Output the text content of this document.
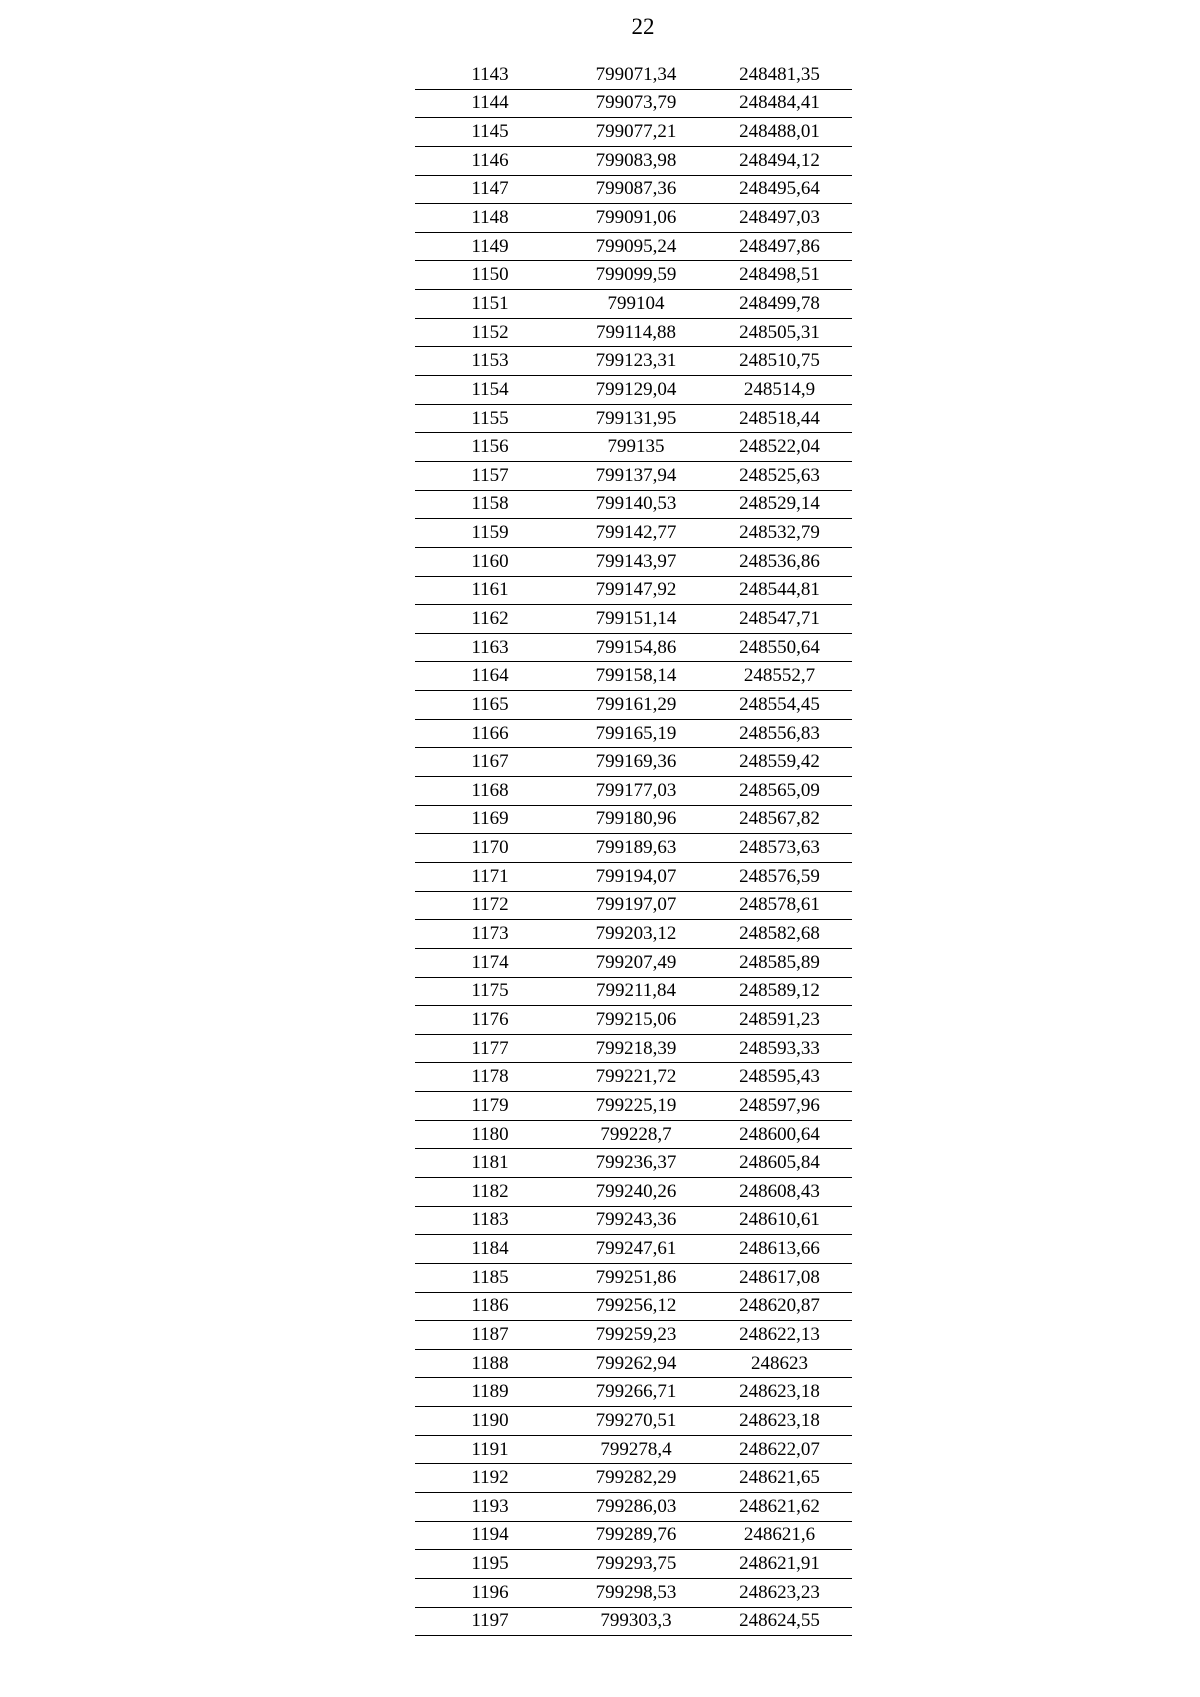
22
1143	799071,34	248481,35
1144	799073,79	248484,41
1145	799077,21	248488,01
1146	799083,98	248494,12
1147	799087,36	248495,64
1148	799091,06	248497,03
1149	799095,24	248497,86
1150	799099,59	248498,51
1151	799104	248499,78
1152	799114,88	248505,31
1153	799123,31	248510,75
1154	799129,04	248514,9
1155	799131,95	248518,44
1156	799135	248522,04
1157	799137,94	248525,63
1158	799140,53	248529,14
1159	799142,77	248532,79
1160	799143,97	248536,86
1161	799147,92	248544,81
1162	799151,14	248547,71
1163	799154,86	248550,64
1164	799158,14	248552,7
1165	799161,29	248554,45
1166	799165,19	248556,83
1167	799169,36	248559,42
1168	799177,03	248565,09
1169	799180,96	248567,82
1170	799189,63	248573,63
1171	799194,07	248576,59
1172	799197,07	248578,61
1173	799203,12	248582,68
1174	799207,49	248585,89
1175	799211,84	248589,12
1176	799215,06	248591,23
1177	799218,39	248593,33
1178	799221,72	248595,43
1179	799225,19	248597,96
1180	799228,7	248600,64
1181	799236,37	248605,84
1182	799240,26	248608,43
1183	799243,36	248610,61
1184	799247,61	248613,66
1185	799251,86	248617,08
1186	799256,12	248620,87
1187	799259,23	248622,13
1188	799262,94	248623
1189	799266,71	248623,18
1190	799270,51	248623,18
1191	799278,4	248622,07
1192	799282,29	248621,65
1193	799286,03	248621,62
1194	799289,76	248621,6
1195	799293,75	248621,91
1196	799298,53	248623,23
1197	799303,3	248624,55
